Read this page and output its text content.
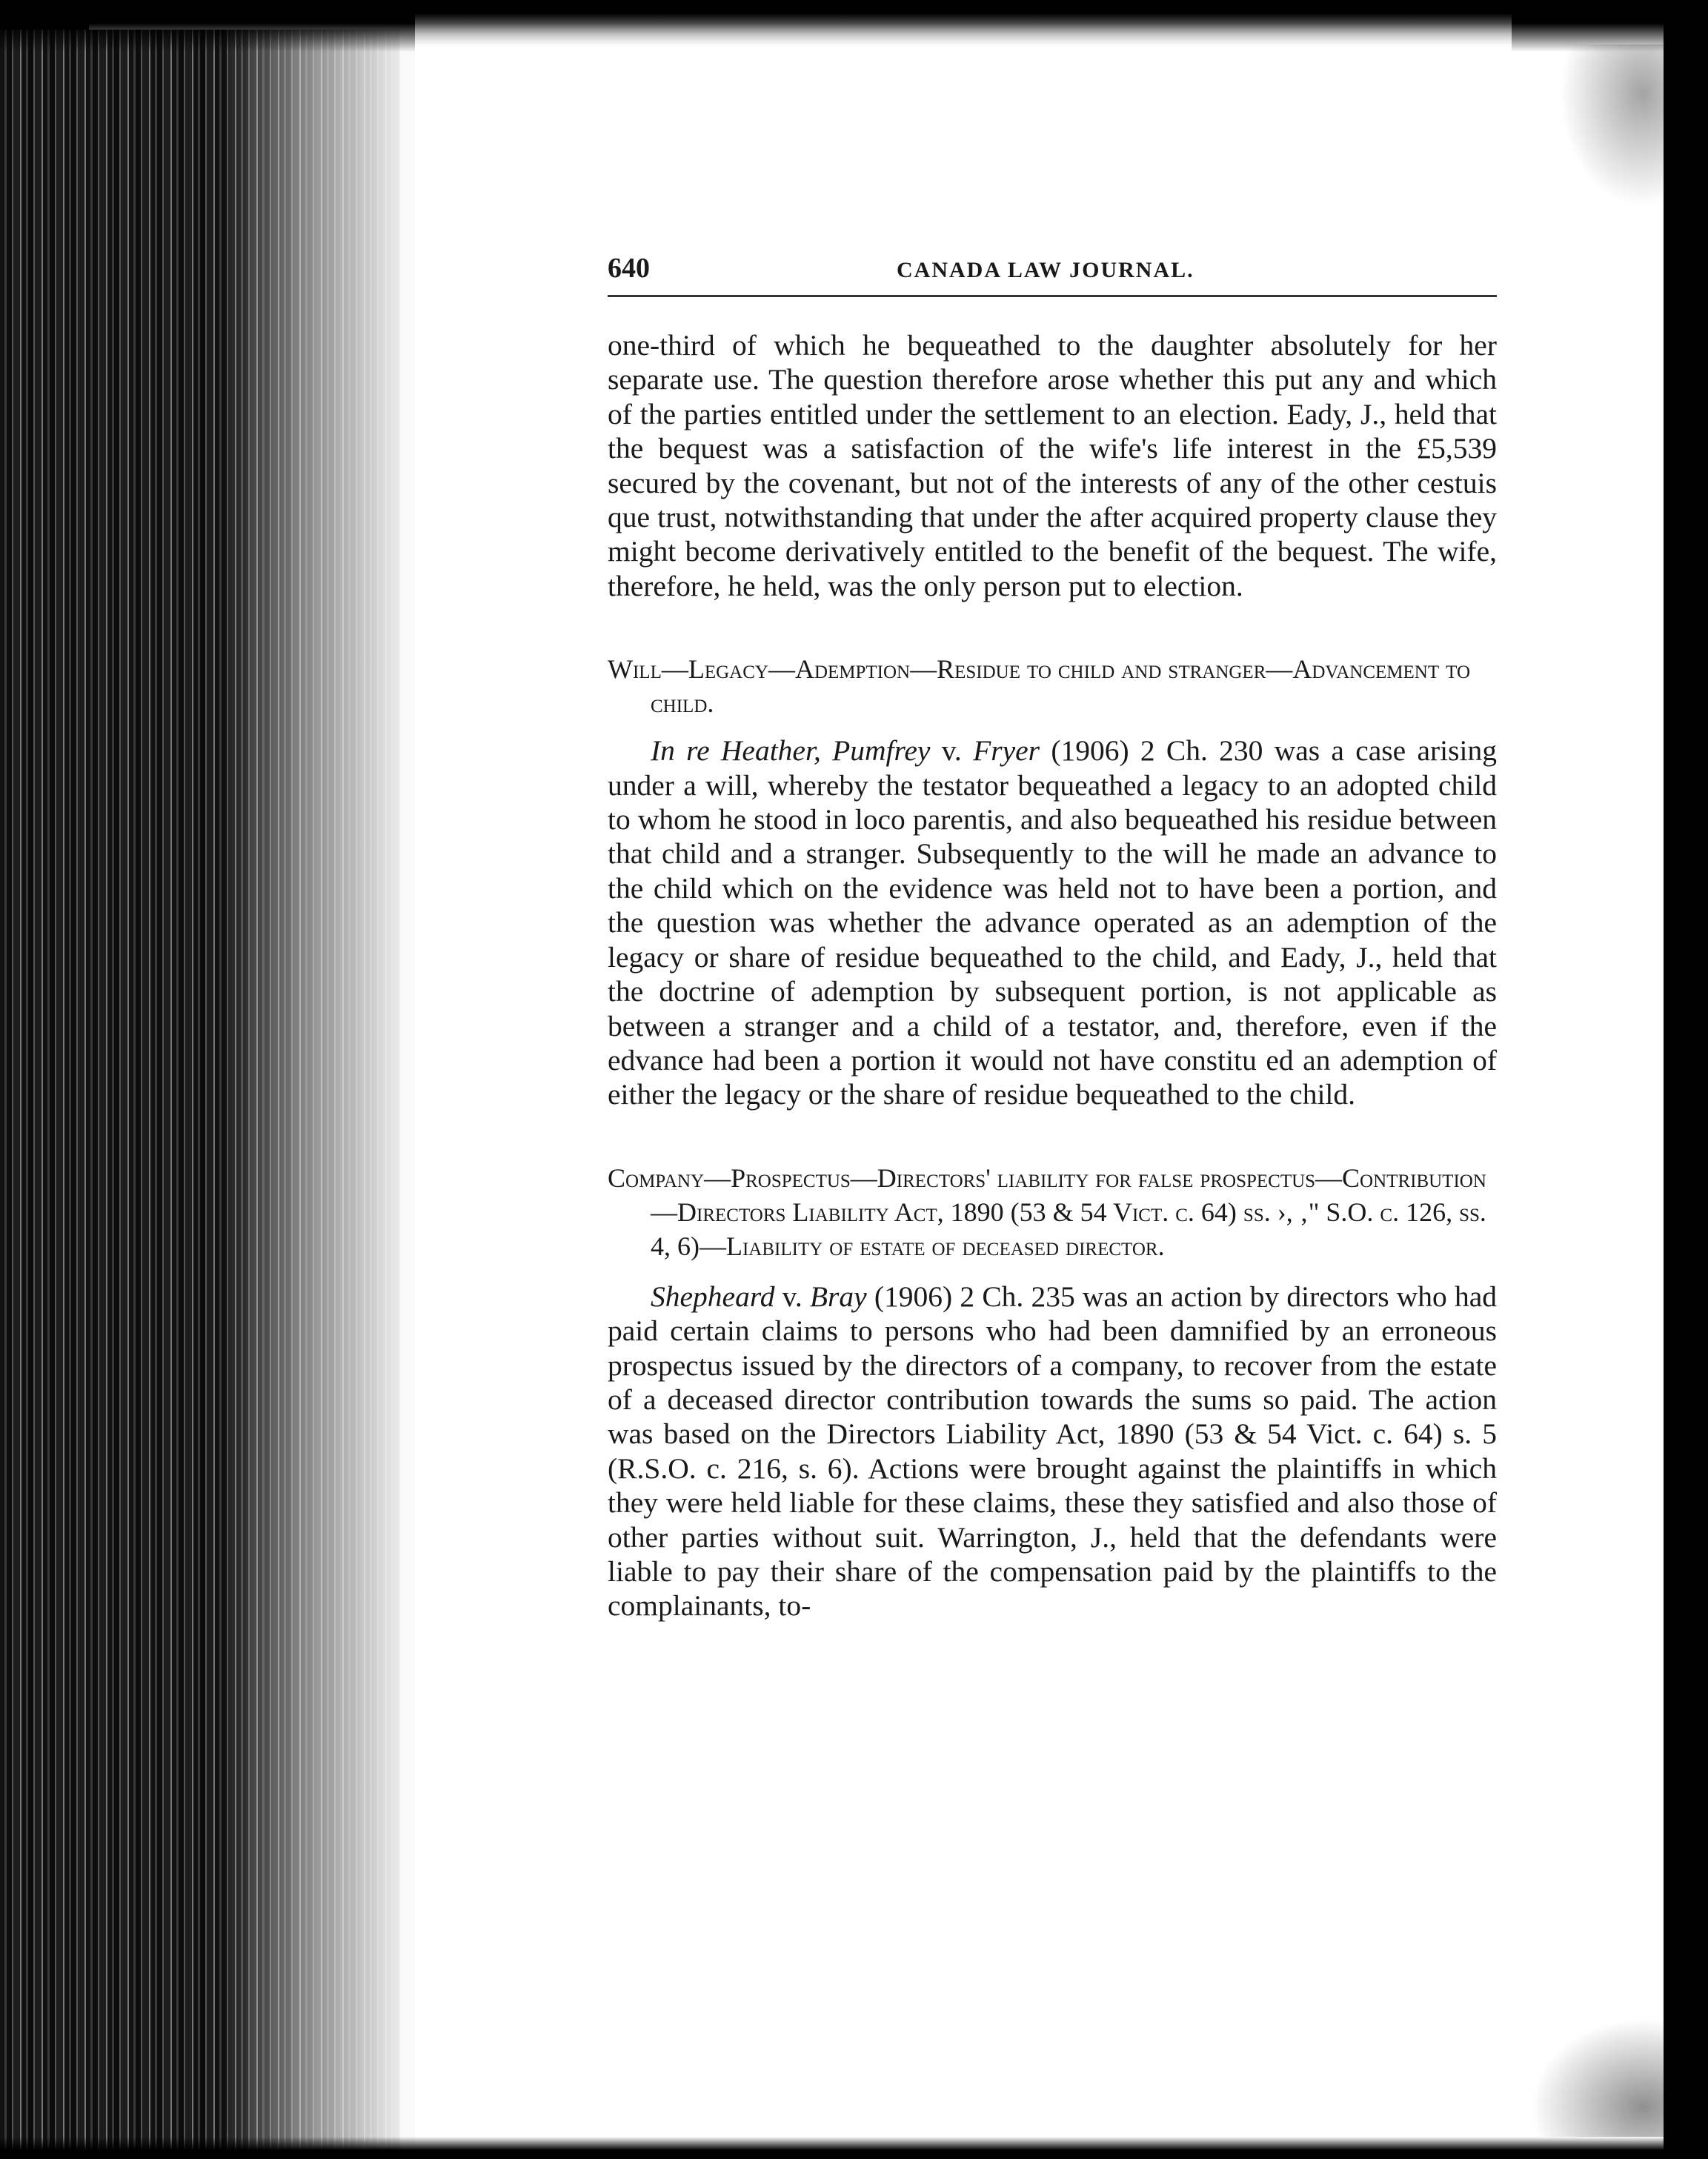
640	CANADA LAW JOURNAL.

one-third of which he bequeathed to the daughter absolutely for her separate use. The question therefore arose whether this put any and which of the parties entitled under the settlement to an election. Eady, J., held that the bequest was a satisfaction of the wife's life interest in the £5,539 secured by the covenant, but not of the interests of any of the other cestuis que trust, notwithstanding that under the after acquired property clause they might become derivatively entitled to the benefit of the bequest. The wife, therefore, he held, was the only person put to election.

Will—Legacy—Ademption—Residue to child and stranger—Advancement to child.

In re Heather, Pumfrey v. Fryer (1906) 2 Ch. 230 was a case arising under a will, whereby the testator bequeathed a legacy to an adopted child to whom he stood in loco parentis, and also bequeathed his residue between that child and a stranger. Subsequently to the will he made an advance to the child which on the evidence was held not to have been a portion, and the question was whether the advance operated as an ademption of the legacy or share of residue bequeathed to the child, and Eady, J., held that the doctrine of ademption by subsequent portion, is not applicable as between a stranger and a child of a testator, and, therefore, even if the edvance had been a portion it would not have constitu ed an ademption of either the legacy or the share of residue bequeathed to the child.

Company—Prospectus—Directors' liability for false prospectus—Contribution—Directors Liability Act, 1890 (53 & 54 Vict. c. 64) ss. ›, ‚" S.O. c. 126, ss. 4, 6)—Liability of estate of deceased director.

Shepheard v. Bray (1906) 2 Ch. 235 was an action by directors who had paid certain claims to persons who had been damnified by an erroneous prospectus issued by the directors of a company, to recover from the estate of a deceased director contribution towards the sums so paid. The action was based on the Directors Liability Act, 1890 (53 & 54 Vict. c. 64) s. 5 (R.S.O. c. 216, s. 6). Actions were brought against the plaintiffs in which they were held liable for these claims, these they satisfied and also those of other parties without suit. Warrington, J., held that the defendants were liable to pay their share of the compensation paid by the plaintiffs to the complainants, to-
